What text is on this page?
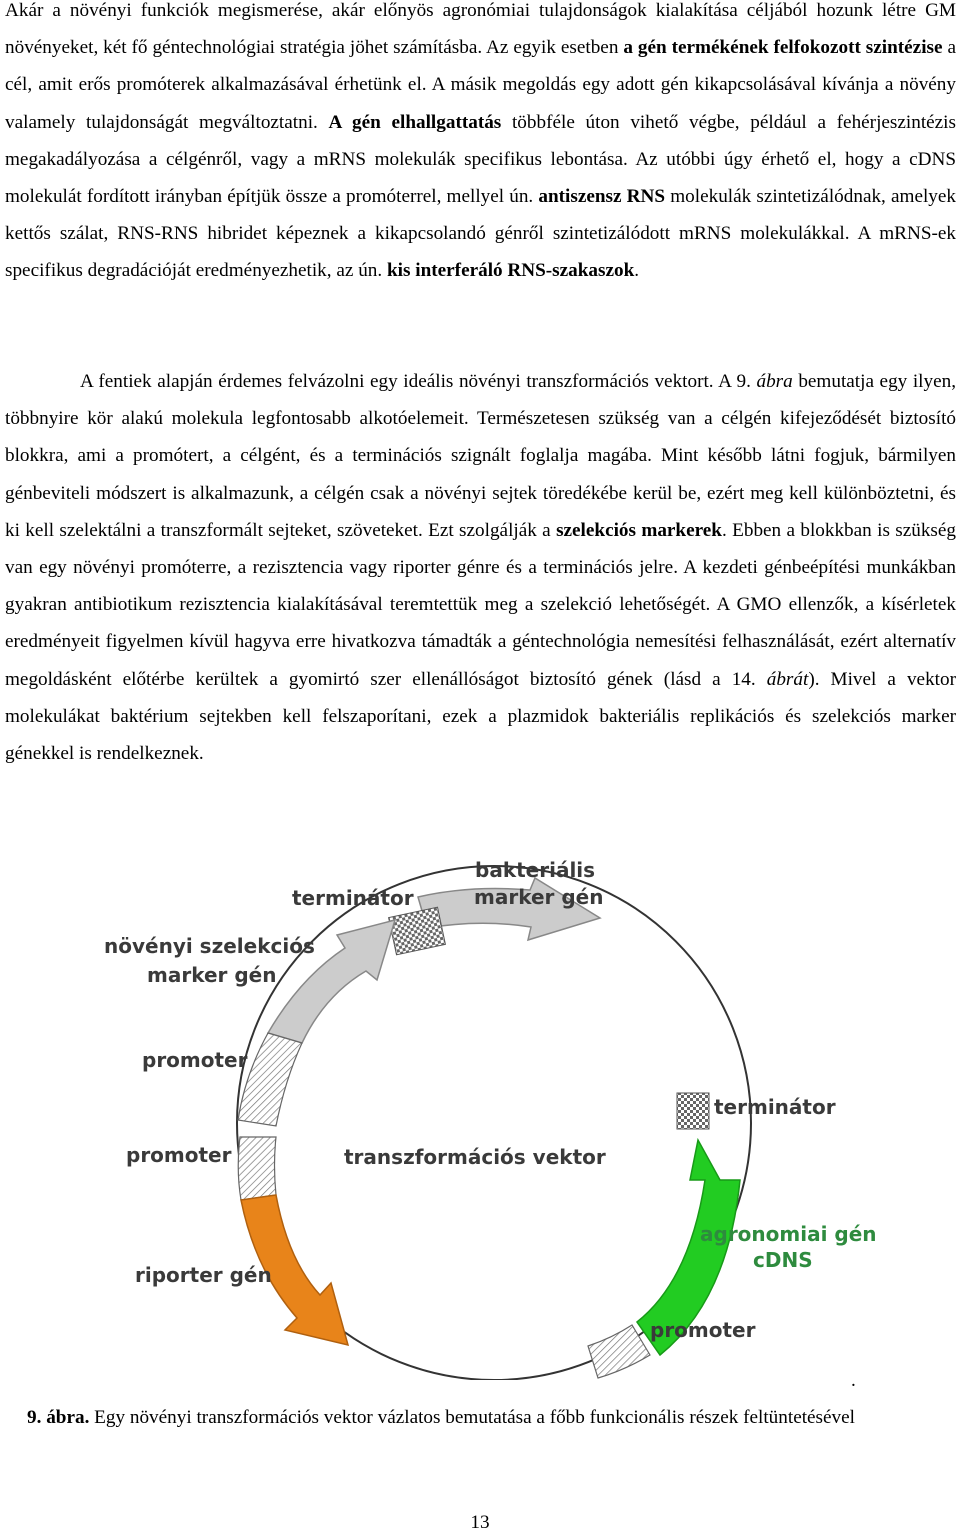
Akár a növényi funkciók megismerése, akár előnyös agronómiai tulajdonságok kialakítása céljából hozunk létre GM növényeket, két fő géntechnológiai stratégia jöhet számításba. Az egyik esetben a gén termékének felfokozott szintézise a cél, amit erős promóterek alkalmazásával érhetünk el. A másik megoldás egy adott gén kikapcsolásával kívánja a növény valamely tulajdonságát megváltoztatni. A gén elhallgattatás többféle úton vihető végbe, például a fehérjeszintézis megakadályozása a célgénről, vagy a mRNS molekulák specifikus lebontása. Az utóbbi úgy érhető el, hogy a cDNS molekulát fordított irányban építjük össze a promóterrel, mellyel ún. antiszensz RNS molekulák szintetizálódnak, amelyek kettős szálat, RNS-RNS hibridet képeznek a kikapcsolandó génről szintetizálódott mRNS molekulákkal. A mRNS-ek specifikus degradációját eredményezhetik, az ún. kis interferáló RNS-szakaszok.

A fentiek alapján érdemes felvázolni egy ideális növényi transzformációs vektort. A 9. ábra bemutatja egy ilyen, többnyire kör alakú molekula legfontosabb alkotóelemeit. Természetesen szükség van a célgén kifejeződését biztosító blokkra, ami a promótert, a célgént, és a terminációs szignált foglalja magába. Mint később látni fogjuk, bármilyen génbeviteli módszert is alkalmazunk, a célgén csak a növényi sejtek töredékébe kerül be, ezért meg kell különböztetni, és ki kell szelektálni a transzformált sejteket, szöveteket. Ezt szolgálják a szelekciós markerek. Ebben a blokkban is szükség van egy növényi promóterre, a rezisztencia vagy riporter génre és a terminációs jelre. A kezdeti génbeépítési munkákban gyakran antibiotikum rezisztencia kialakításával teremtettük meg a szelekció lehetőségét. A GMO ellenzők, a kísérletek eredményeit figyelmen kívül hagyva erre hivatkozva támadták a géntechnológia nemesítési felhasználását, ezért alternatív megoldásként előtérbe kerültek a gyomirtó szer ellenállóságot biztosító gének (lásd a 14. ábrát). Mivel a vektor molekulákat baktérium sejtekben kell felszaporítani, ezek a plazmidok bakteriális replikációs és szelekciós marker génekkel is rendelkeznek.

bakteriális
marker gén
terminátor
növényi szelekciós
marker gén
promoter
promoter	transzformációs vektor
terminátor
agronomiai gén
cDNS
riporter gén
promoter
.
9. ábra. Egy növényi transzformációs vektor vázlatos bemutatása a főbb funkcionális részek feltüntetésével
13
